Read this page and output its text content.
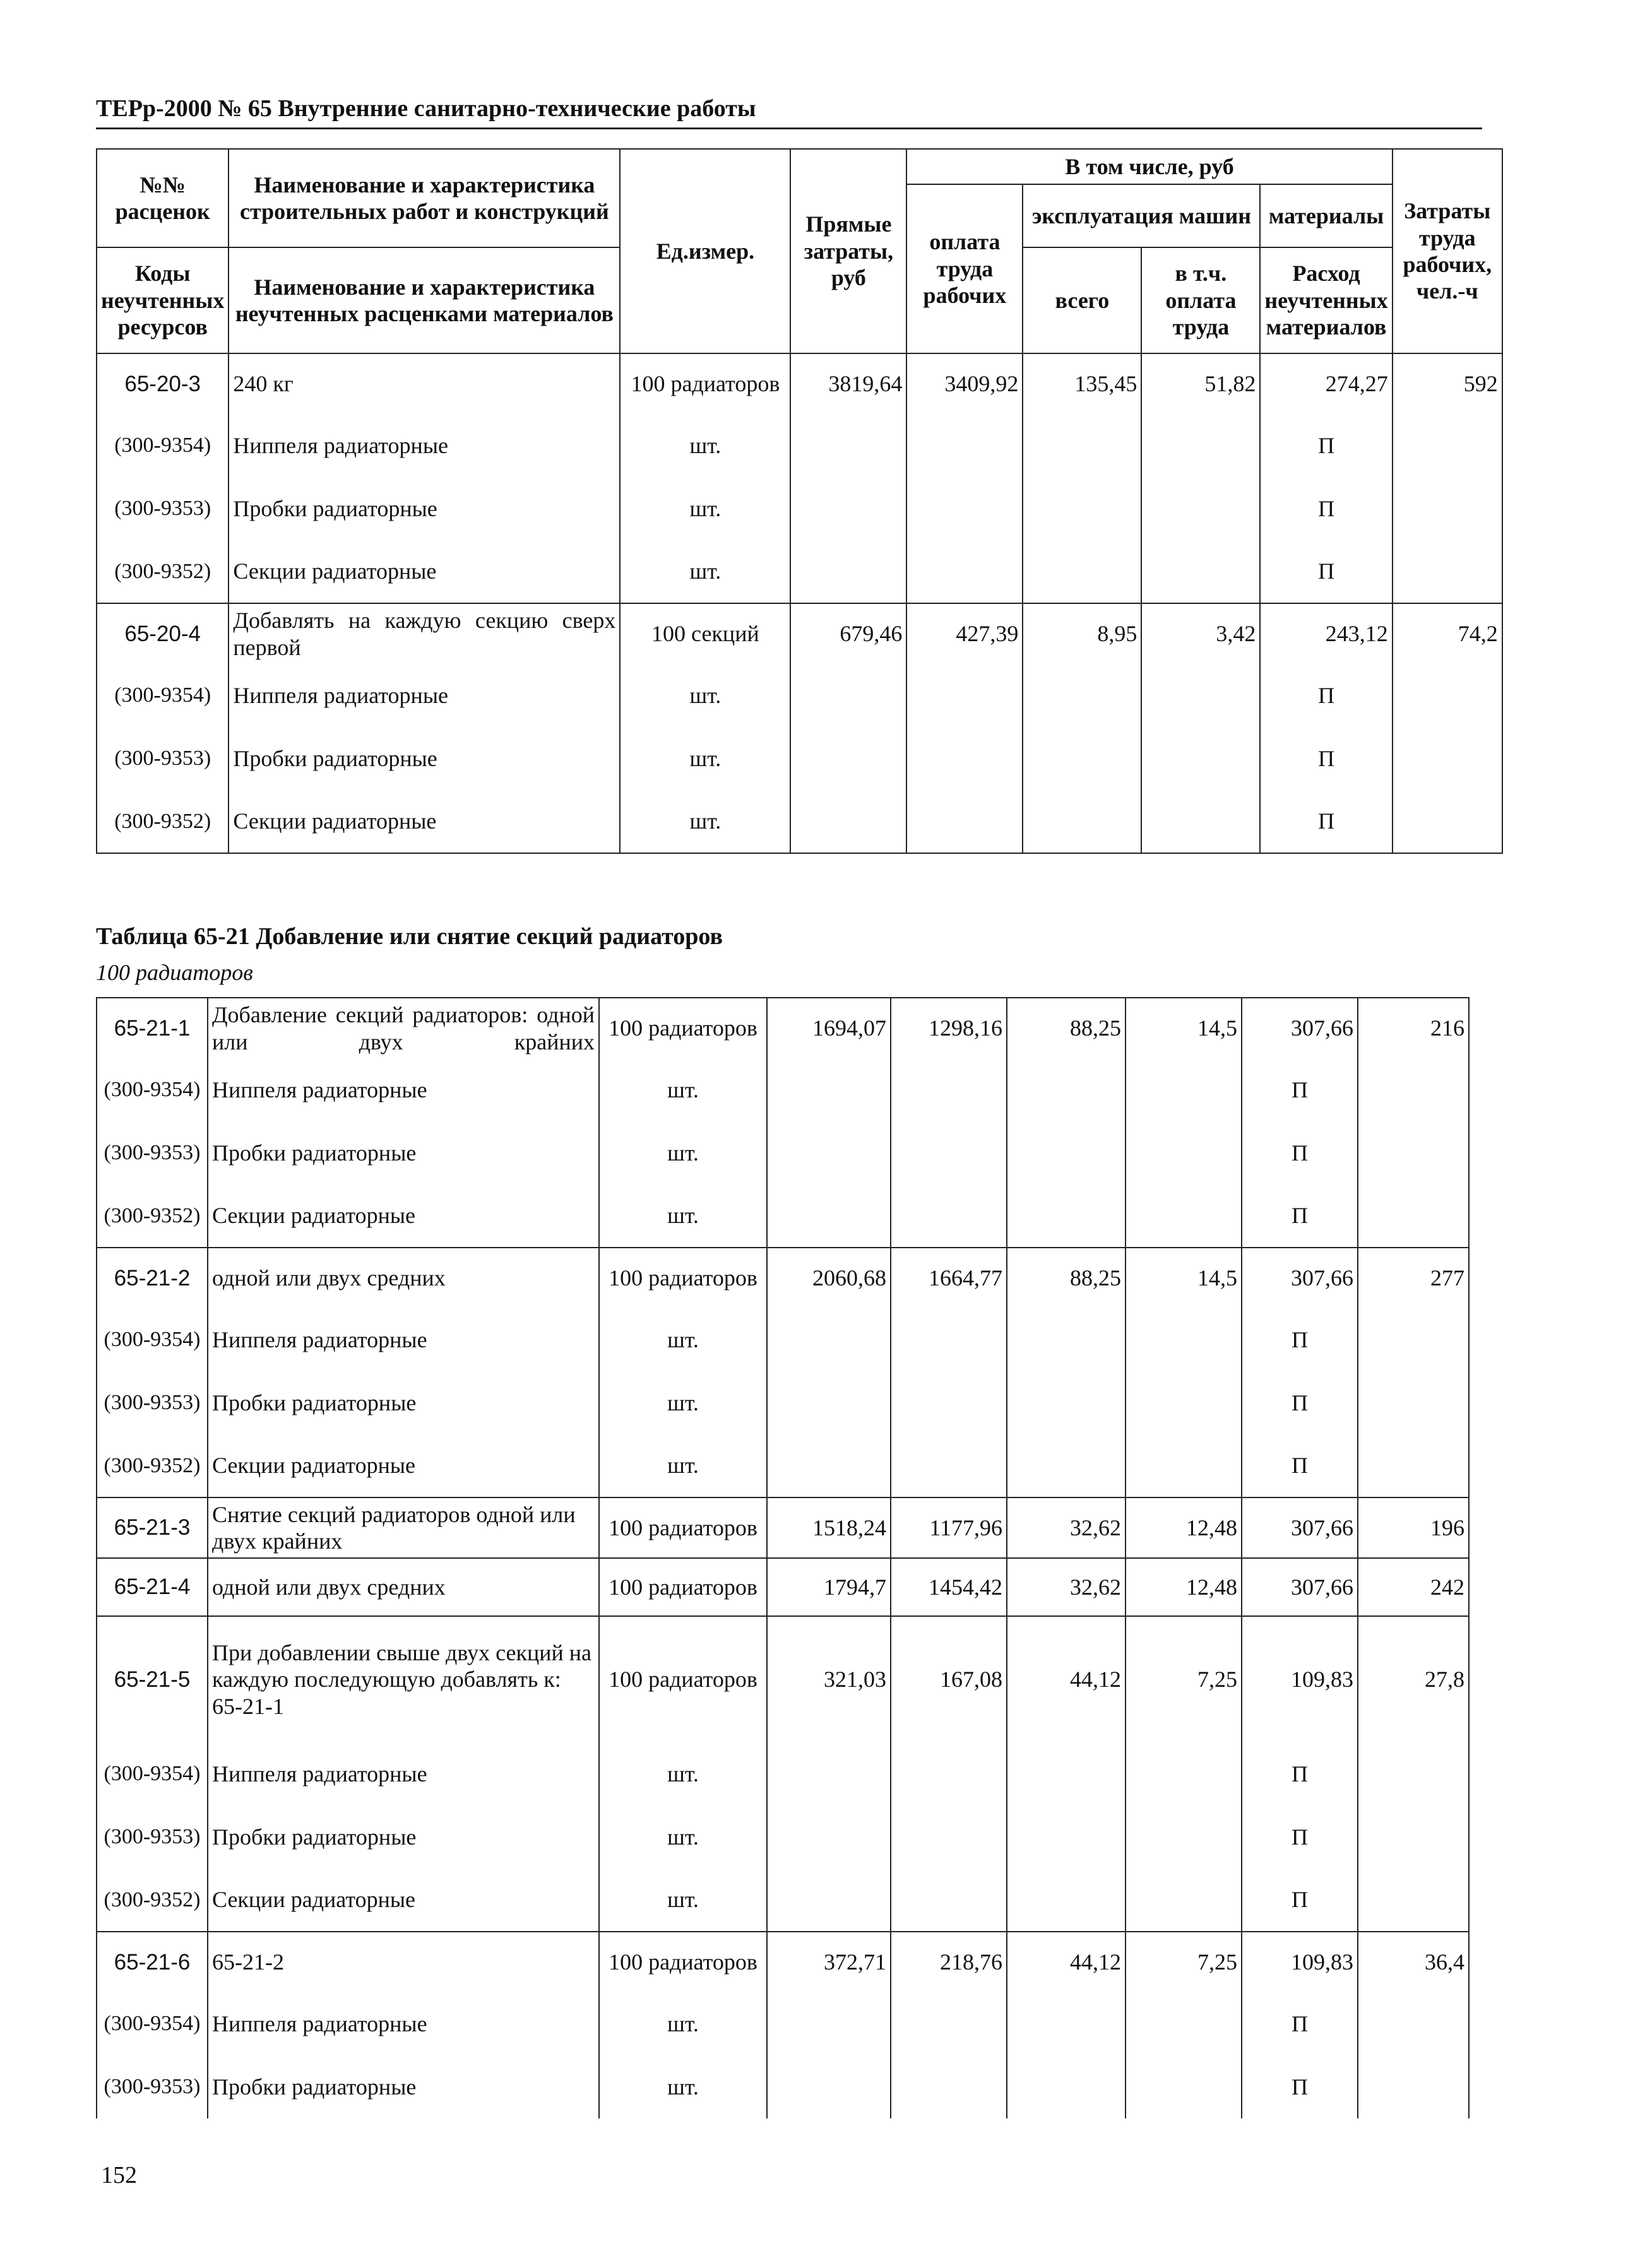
ТЕРр-2000 № 65 Внутренние санитарно-технические работы
№№ расценок	Наименование и характеристика строительных работ и конструкций	Ед.измер.	Прямые затраты, руб	В том числе, руб				Затраты труда рабочих, чел.-ч
				оплата труда рабочих	эксплуатация машин		материалы	

Коды неучтенных ресурсов	Наименование и характеристика неучтенных расценками материалов				всего	в т.ч. оплата труда	Расход неучтенных материалов	

65-20-3	240 кг	100 радиаторов	3819,64	3409,92	135,45	51,82	274,27	592
(300-9354)	Ниппеля радиаторные	шт.					П	
(300-9353)	Пробки радиаторные	шт.					П	
(300-9352)	Секции радиаторные	шт.					П	
65-20-4	Добавлять на каждую секцию сверх первой	100 секций	679,46	427,39	8,95	3,42	243,12	74,2
(300-9354)	Ниппеля радиаторные	шт.					П	
(300-9353)	Пробки радиаторные	шт.					П	
(300-9352)	Секции радиаторные	шт.					П	
Таблица 65-21 Добавление или снятие секций радиаторов
100 радиаторов
65-21-1	Добавление секций радиаторов: одной или двух крайних	100 радиаторов	1694,07	1298,16	88,25	14,5	307,66	216
(300-9354)	Ниппеля радиаторные	шт.					П	
(300-9353)	Пробки радиаторные	шт.					П	
(300-9352)	Секции радиаторные	шт.					П	
65-21-2	одной или двух средних	100 радиаторов	2060,68	1664,77	88,25	14,5	307,66	277
(300-9354)	Ниппеля радиаторные	шт.					П	
(300-9353)	Пробки радиаторные	шт.					П	
(300-9352)	Секции радиаторные	шт.					П	
65-21-3	Снятие секций радиаторов одной или двух крайних	100 радиаторов	1518,24	1177,96	32,62	12,48	307,66	196
65-21-4	одной или двух средних	100 радиаторов	1794,7	1454,42	32,62	12,48	307,66	242
65-21-5	При добавлении свыше двух секций на каждую последующую добавлять к: 65-21-1	100 радиаторов	321,03	167,08	44,12	7,25	109,83	27,8
(300-9354)	Ниппеля радиаторные	шт.					П	
(300-9353)	Пробки радиаторные	шт.					П	
(300-9352)	Секции радиаторные	шт.					П	
65-21-6	65-21-2	100 радиаторов	372,71	218,76	44,12	7,25	109,83	36,4
(300-9354)	Ниппеля радиаторные	шт.					П	
(300-9353)	Пробки радиаторные	шт.					П	
152
